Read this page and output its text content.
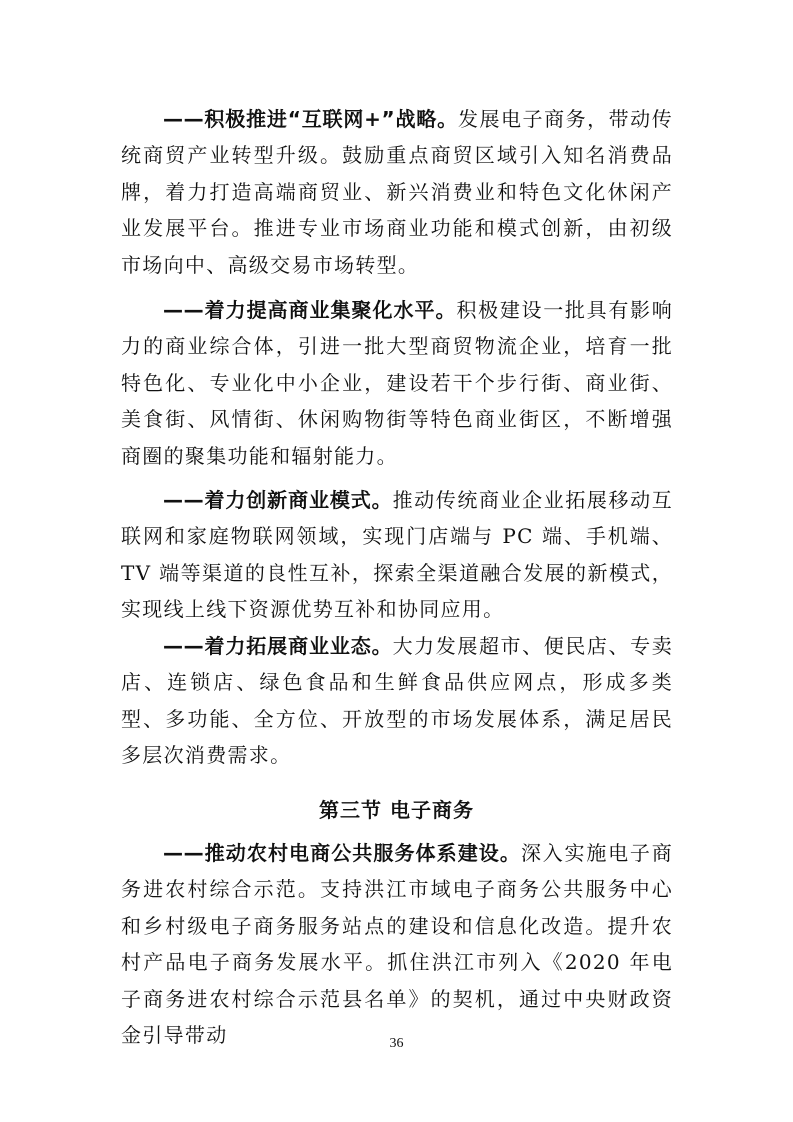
——积极推进“互联网+”战略。发展电子商务，带动传统商贸产业转型升级。鼓励重点商贸区域引入知名消费品牌，着力打造高端商贸业、新兴消费业和特色文化休闲产业发展平台。推进专业市场商业功能和模式创新，由初级市场向中、高级交易市场转型。

——着力提高商业集聚化水平。积极建设一批具有影响力的商业综合体，引进一批大型商贸物流企业，培育一批特色化、专业化中小企业，建设若干个步行街、商业街、美食街、风情街、休闲购物街等特色商业街区，不断增强商圈的聚集功能和辐射能力。

——着力创新商业模式。推动传统商业企业拓展移动互联网和家庭物联网领域，实现门店端与 PC 端、手机端、TV 端等渠道的良性互补，探索全渠道融合发展的新模式，实现线上线下资源优势互补和协同应用。

——着力拓展商业业态。大力发展超市、便民店、专卖店、连锁店、绿色食品和生鲜食品供应网点，形成多类型、多功能、全方位、开放型的市场发展体系，满足居民多层次消费需求。

第三节 电子商务

——推动农村电商公共服务体系建设。深入实施电子商务进农村综合示范。支持洪江市域电子商务公共服务中心和乡村级电子商务服务站点的建设和信息化改造。提升农村产品电子商务发展水平。抓住洪江市列入《2020 年电子商务进农村综合示范县名单》的契机，通过中央财政资金引导带动	36
